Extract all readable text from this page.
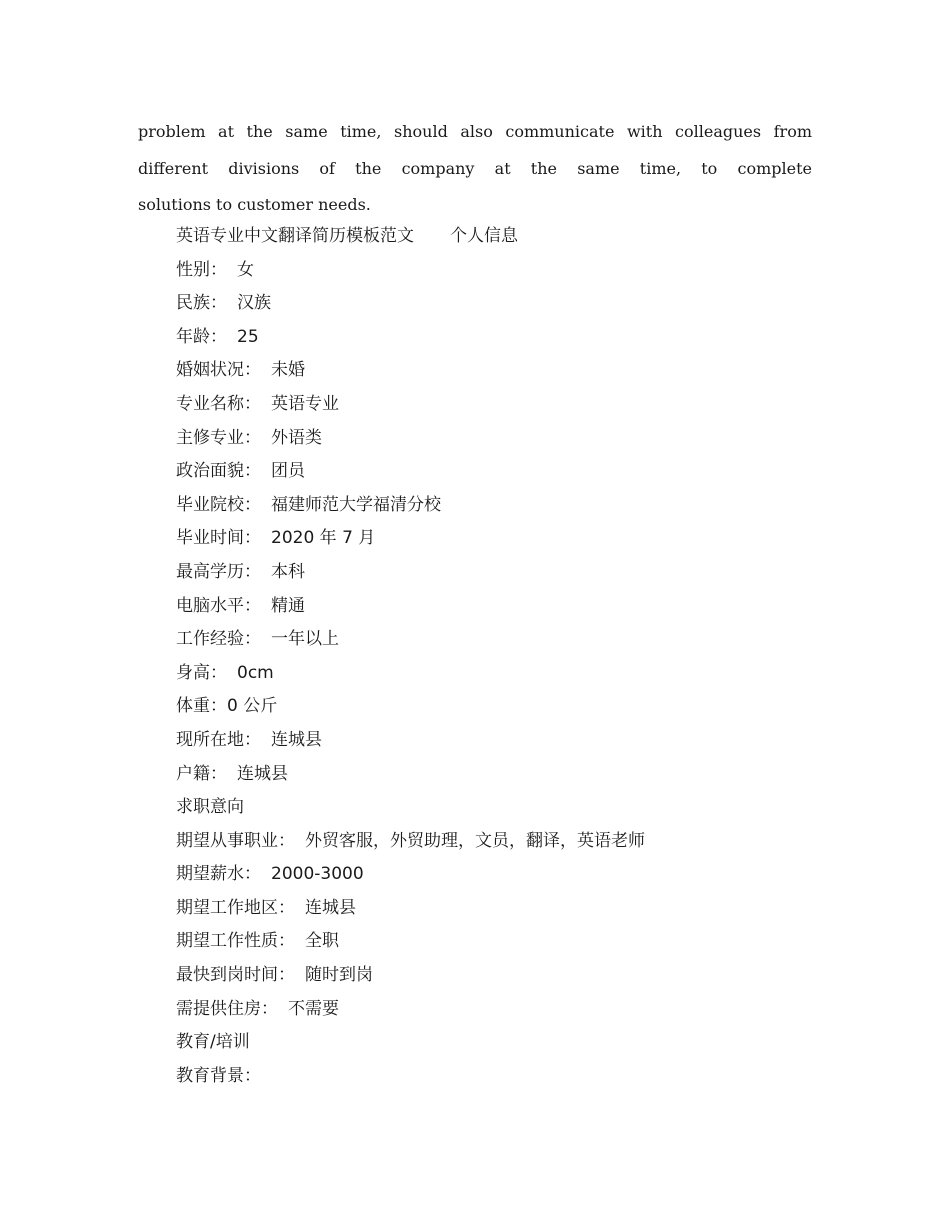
problem at the same time, should also communicate with colleagues from
different divisions of the company at the same time, to complete
solutions to customer needs.
英语专业中文翻译简历模板范文 个人信息
性别： 女
民族： 汉族
年龄： 25
婚姻状况： 未婚
专业名称： 英语专业
主修专业： 外语类
政治面貌： 团员
毕业院校： 福建师范大学福清分校
毕业时间： 2020 年 7 月
最高学历： 本科
电脑水平： 精通
工作经验： 一年以上
身高： 0cm
体重：0 公斤
现所在地： 连城县
户籍： 连城县
求职意向
期望从事职业： 外贸客服，外贸助理，文员，翻译，英语老师
期望薪水： 2000-3000
期望工作地区： 连城县
期望工作性质： 全职
最快到岗时间： 随时到岗
需提供住房： 不需要
教育/培训
教育背景：
